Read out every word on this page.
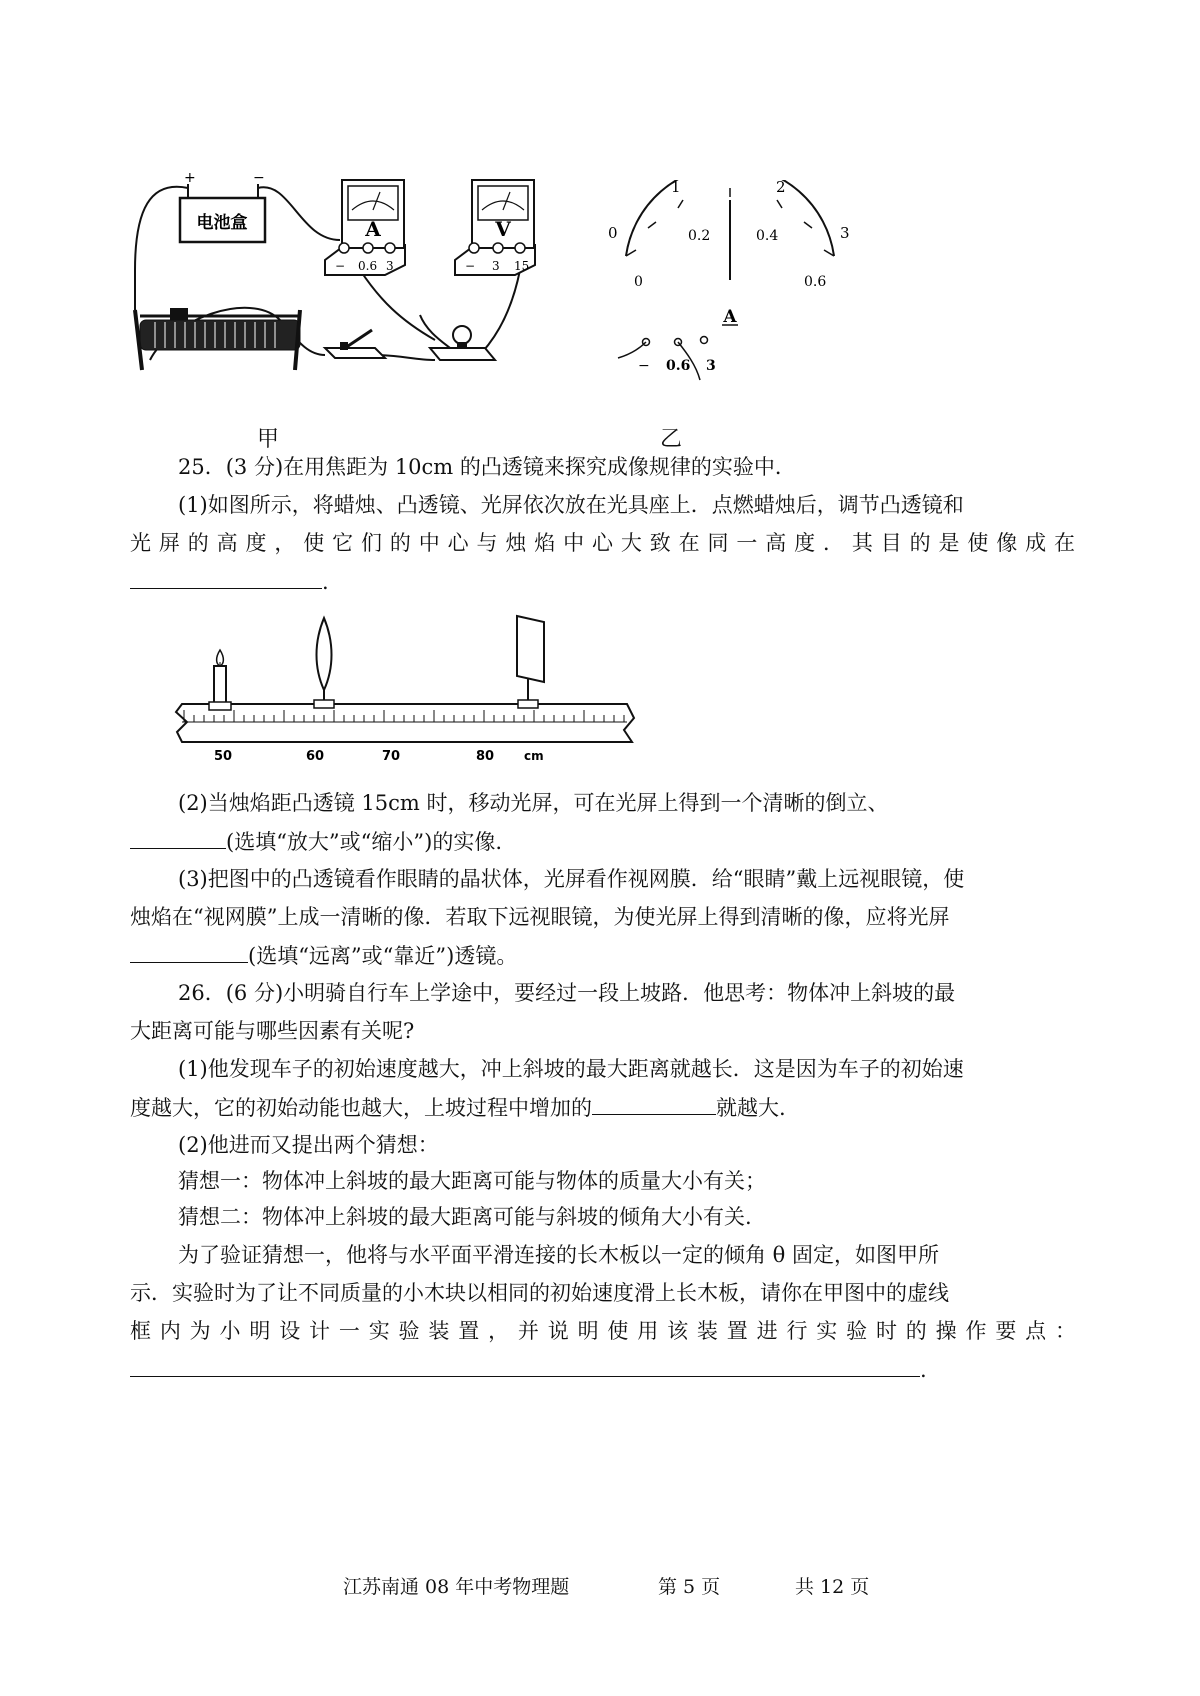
+	−
电池盒	A
− 0.6 3
V
− 3 15
甲
0
1	2
3
0
0.2	0.4
0.6
A
− 0.6 3
乙
25．(3 分)在用焦距为 10cm 的凸透镜来探究成像规律的实验中．
(1)如图所示，将蜡烛、凸透镜、光屏依次放在光具座上．点燃蜡烛后，调节凸透镜和
光屏的高度，使它们的中心与烛焰中心大致在同一高度．其目的是使像成在
.
50	60	70	80 cm
(2)当烛焰距凸透镜 15cm 时，移动光屏，可在光屏上得到一个清晰的倒立、
(选填“放大”或“缩小”)的实像.
(3)把图中的凸透镜看作眼睛的晶状体，光屏看作视网膜．给“眼睛”戴上远视眼镜，使
烛焰在“视网膜”上成一清晰的像．若取下远视眼镜，为使光屏上得到清晰的像，应将光屏
(选填“远离”或“靠近”)透镜。
26．(6 分)小明骑自行车上学途中，要经过一段上坡路．他思考：物体冲上斜坡的最
大距离可能与哪些因素有关呢?
(1)他发现车子的初始速度越大，冲上斜坡的最大距离就越长．这是因为车子的初始速
度越大，它的初始动能也越大，上坡过程中增加的	就越大.
(2)他进而又提出两个猜想：
猜想一：物体冲上斜坡的最大距离可能与物体的质量大小有关；
猜想二：物体冲上斜坡的最大距离可能与斜坡的倾角大小有关.
为了验证猜想一，他将与水平面平滑连接的长木板以一定的倾角 θ 固定，如图甲所
示．实验时为了让不同质量的小木块以相同的初始速度滑上长木板，请你在甲图中的虚线
框内为小明设计一实验装置，并说明使用该装置进行实验时的操作要点：
.
江苏南通 08 年中考物理题	第 5 页	共 12 页
